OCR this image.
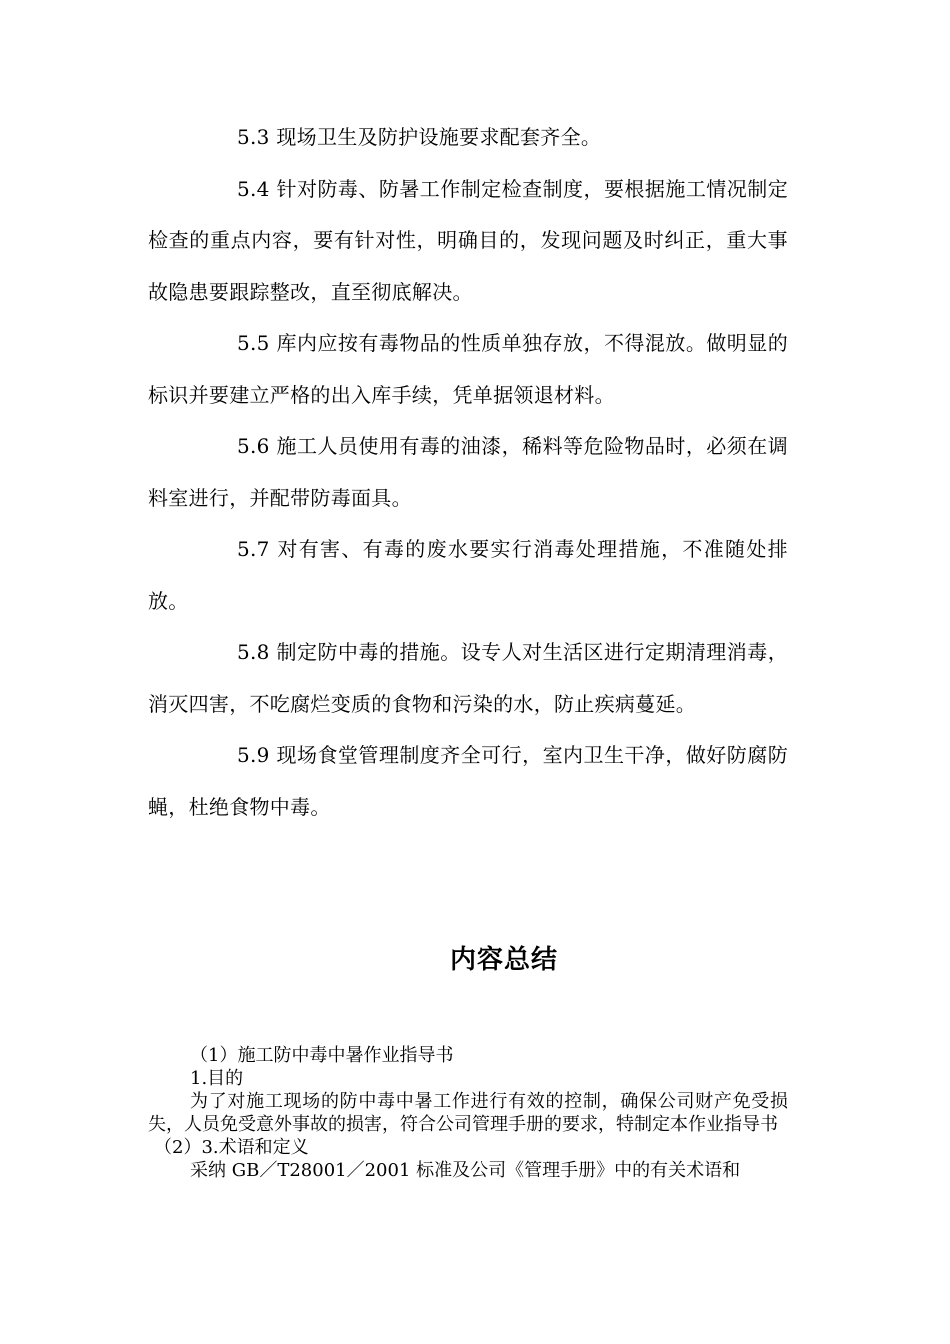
5.3 现场卫生及防护设施要求配套齐全。

5.4 针对防毒、防暑工作制定检查制度，要根据施工情况制定检查的重点内容，要有针对性，明确目的，发现问题及时纠正，重大事故隐患要跟踪整改，直至彻底解决。

5.5 库内应按有毒物品的性质单独存放，不得混放。做明显的标识并要建立严格的出入库手续，凭单据领退材料。

5.6 施工人员使用有毒的油漆，稀料等危险物品时，必须在调料室进行，并配带防毒面具。

5.7 对有害、有毒的废水要实行消毒处理措施，不准随处排放。

5.8 制定防中毒的措施。设专人对生活区进行定期清理消毒，消灭四害，不吃腐烂变质的食物和污染的水，防止疾病蔓延。

5.9 现场食堂管理制度齐全可行，室内卫生干净，做好防腐防蝇，杜绝食物中毒。

内容总结

（1）施工防中毒中暑作业指导书

1.目的

为了对施工现场的防中毒中暑工作进行有效的控制，确保公司财产免受损失，人员免受意外事故的损害，符合公司管理手册的要求，特制定本作业指导书

（2）3.术语和定义

采纳 GB／T28001／2001 标准及公司《管理手册》中的有关术语和
